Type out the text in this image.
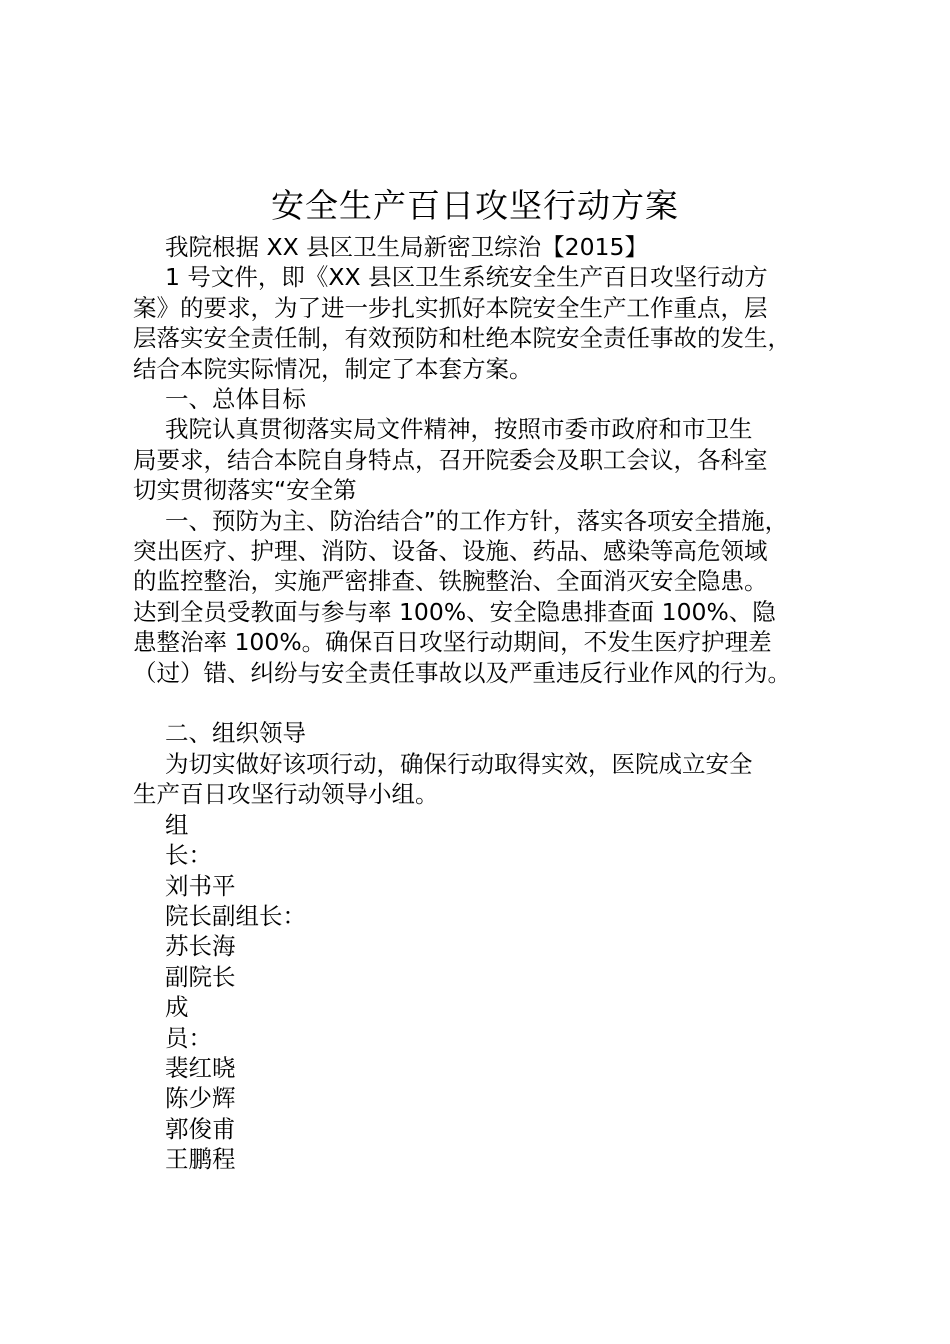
安全生产百日攻坚行动方案

我院根据 XX 县区卫生局新密卫综治【2015】

1 号文件，即《XX 县区卫生系统安全生产百日攻坚行动方

案》的要求，为了进一步扎实抓好本院安全生产工作重点，层

层落实安全责任制，有效预防和杜绝本院安全责任事故的发生，

结合本院实际情况，制定了本套方案。

一、总体目标

我院认真贯彻落实局文件精神，按照市委市政府和市卫生

局要求，结合本院自身特点，召开院委会及职工会议，各科室

切实贯彻落实“安全第

一、预防为主、防治结合”的工作方针，落实各项安全措施，

突出医疗、护理、消防、设备、设施、药品、感染等高危领域

的监控整治，实施严密排查、铁腕整治、全面消灭安全隐患。

达到全员受教面与参与率 100%、安全隐患排查面 100%、隐

患整治率 100%。确保百日攻坚行动期间，不发生医疗护理差

（过）错、纠纷与安全责任事故以及严重违反行业作风的行为。

二、组织领导

为切实做好该项行动，确保行动取得实效，医院成立安全

生产百日攻坚行动领导小组。

组

长：

刘书平

院长副组长：

苏长海

副院长

成

员：

裴红晓

陈少辉

郭俊甫

王鹏程
